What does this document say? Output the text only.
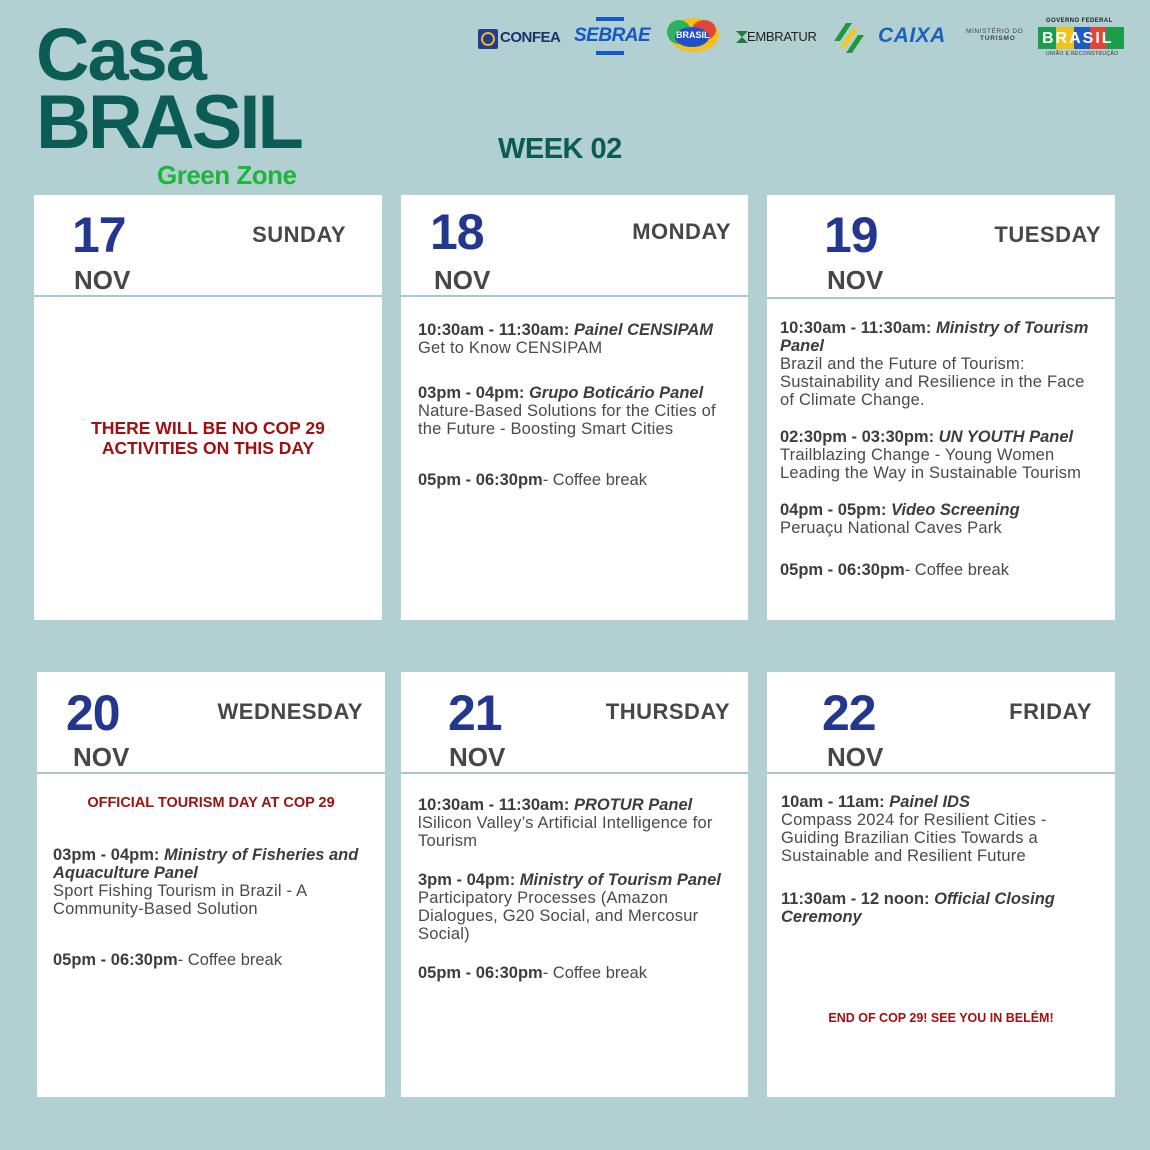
Casa
BRASIL
Green Zone
WEEK 02
CONFEA SEBRAE	BRASIL	EMBRATUR	CAIXA	MINISTÉRIO DO
TURISMO
GOVERNO FEDERAL
BRASIL
UNIÃO E RECONSTRUÇÃO
17
NOV
SUNDAY
THERE WILL BE NO COP 29 ACTIVITIES ON THIS DAY
18
NOV
MONDAY
10:30am - 11:30am: Painel CENSIPAM
Get to Know CENSIPAM
03pm - 04pm: Grupo Boticário Panel
Nature-Based Solutions for the Cities of the Future - Boosting Smart Cities
05pm - 06:30pm- Coffee break
19
NOV
TUESDAY
10:30am - 11:30am: Ministry of Tourism Panel
Brazil and the Future of Tourism: Sustainability and Resilience in the Face of Climate Change.
02:30pm - 03:30pm: UN YOUTH Panel
Trailblazing Change - Young Women Leading the Way in Sustainable Tourism
04pm - 05pm: Video Screening
Peruaçu National Caves Park
05pm - 06:30pm- Coffee break
20
NOV
WEDNESDAY
OFFICIAL TOURISM DAY AT COP 29
03pm - 04pm: Ministry of Fisheries and Aquaculture Panel
Sport Fishing Tourism in Brazil - A Community-Based Solution
05pm - 06:30pm- Coffee break
21
NOV
THURSDAY
10:30am - 11:30am: PROTUR Panel
lSilicon Valley’s Artificial Intelligence for Tourism
3pm - 04pm: Ministry of Tourism Panel
Participatory Processes (Amazon Dialogues, G20 Social, and Mercosur Social)
05pm - 06:30pm- Coffee break
22
NOV
FRIDAY
10am - 11am: Painel IDS
Compass 2024 for Resilient Cities - Guiding Brazilian Cities Towards a Sustainable and Resilient Future
11:30am - 12 noon: Official Closing Ceremony
END OF COP 29! SEE YOU IN BELÉM!
